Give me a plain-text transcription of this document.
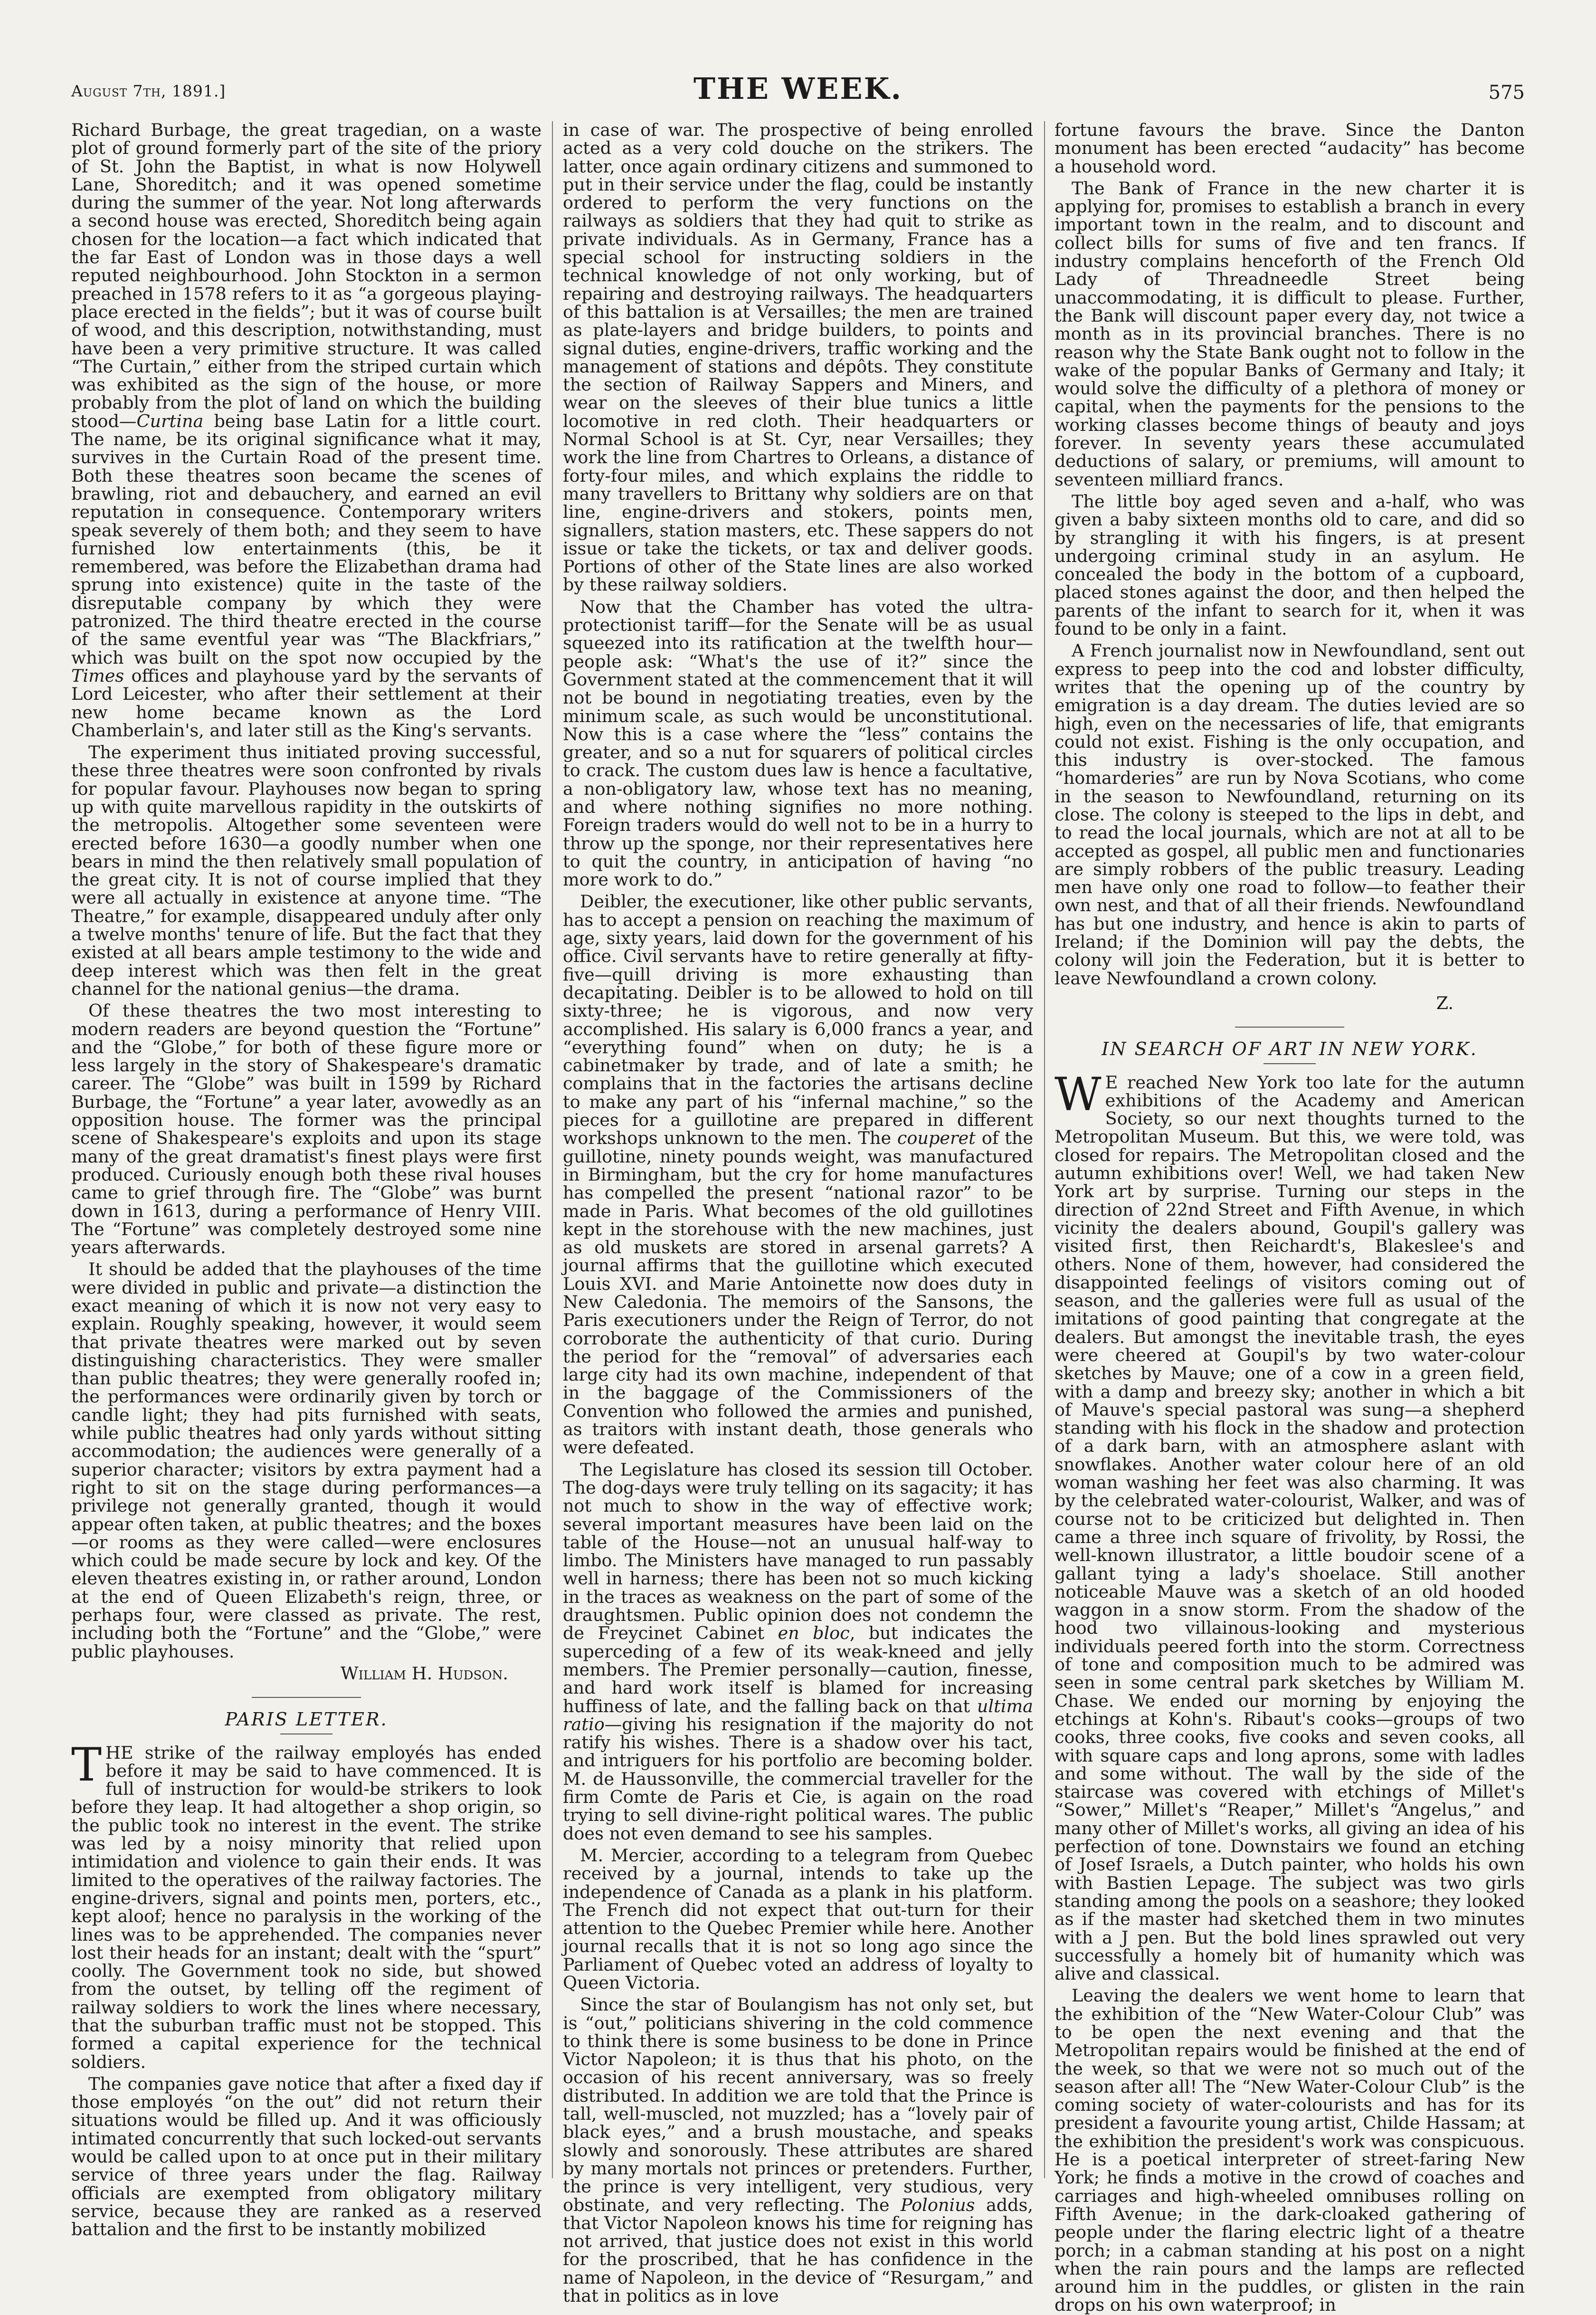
August 7th, 1891.]	THE WEEK.	575

Richard Burbage, the great tragedian, on a waste plot of ground formerly part of the site of the priory of St. John the Baptist, in what is now Holywell Lane, Shoreditch; and it was opened sometime during the summer of the year. Not long afterwards a second house was erected, Shoreditch being again chosen for the location—a fact which indicated that the far East of London was in those days a well reputed neighbourhood. John Stockton in a sermon preached in 1578 refers to it as “a gorgeous playing-place erected in the fields”; but it was of course built of wood, and this description, notwithstanding, must have been a very primitive structure. It was called “The Curtain,” either from the striped curtain which was exhibited as the sign of the house, or more probably from the plot of land on which the building stood—Curtina being base Latin for a little court. The name, be its original significance what it may, survives in the Curtain Road of the present time. Both these theatres soon became the scenes of brawling, riot and debauchery, and earned an evil reputation in consequence. Contemporary writers speak severely of them both; and they seem to have furnished low entertainments (this, be it remembered, was before the Elizabethan drama had sprung into existence) quite in the taste of the disreputable company by which they were patronized. The third theatre erected in the course of the same eventful year was “The Blackfriars,” which was built on the spot now occupied by the Times offices and playhouse yard by the servants of Lord Leicester, who after their settlement at their new home became known as the Lord Chamberlain's, and later still as the King's servants.

The experiment thus initiated proving successful, these three theatres were soon confronted by rivals for popular favour. Playhouses now began to spring up with quite marvellous rapidity in the outskirts of the metropolis. Altogether some seventeen were erected before 1630—a goodly number when one bears in mind the then relatively small population of the great city. It is not of course implied that they were all actually in existence at anyone time. “The Theatre,” for example, disappeared unduly after only a twelve months' tenure of life. But the fact that they existed at all bears ample testimony to the wide and deep interest which was then felt in the great channel for the national genius—the drama.

Of these theatres the two most interesting to modern readers are beyond question the “Fortune” and the “Globe,” for both of these figure more or less largely in the story of Shakespeare's dramatic career. The “Globe” was built in 1599 by Richard Burbage, the “Fortune” a year later, avowedly as an opposition house. The former was the principal scene of Shakespeare's exploits and upon its stage many of the great dramatist's finest plays were first produced. Curiously enough both these rival houses came to grief through fire. The “Globe” was burnt down in 1613, during a performance of Henry VIII. The “Fortune” was completely destroyed some nine years afterwards.

It should be added that the playhouses of the time were divided in public and private—a distinction the exact meaning of which it is now not very easy to explain. Roughly speaking, however, it would seem that private theatres were marked out by seven distinguishing characteristics. They were smaller than public theatres; they were generally roofed in; the performances were ordinarily given by torch or candle light; they had pits furnished with seats, while public theatres had only yards without sitting accommodation; the audiences were generally of a superior character; visitors by extra payment had a right to sit on the stage during performances—a privilege not generally granted, though it would appear often taken, at public theatres; and the boxes—or rooms as they were called—were enclosures which could be made secure by lock and key. Of the eleven theatres existing in, or rather around, London at the end of Queen Elizabeth's reign, three, or perhaps four, were classed as private. The rest, including both the “Fortune” and the “Globe,” were public playhouses.

William H. Hudson.
PARIS LETTER.

THE strike of the railway employés has ended before it may be said to have commenced. It is full of instruction for would-be strikers to look before they leap. It had altogether a shop origin, so the public took no interest in the event. The strike was led by a noisy minority that relied upon intimidation and violence to gain their ends. It was limited to the operatives of the railway factories. The engine-drivers, signal and points men, porters, etc., kept aloof; hence no paralysis in the working of the lines was to be apprehended. The companies never lost their heads for an instant; dealt with the “spurt” coolly. The Government took no side, but showed from the outset, by telling off the regiment of railway soldiers to work the lines where necessary, that the suburban traffic must not be stopped. This formed a capital experience for the technical soldiers.

The companies gave notice that after a fixed day if those employés “on the out” did not return their situations would be filled up. And it was officiously intimated concurrently that such locked-out servants would be called upon to at once put in their military service of three years under the flag. Railway officials are exempted from obligatory military service, because they are ranked as a reserved battalion and the first to be instantly mobilized

in case of war. The prospective of being enrolled acted as a very cold douche on the strikers. The latter, once again ordinary citizens and summoned to put in their service under the flag, could be instantly ordered to perform the very functions on the railways as soldiers that they had quit to strike as private individuals. As in Germany, France has a special school for instructing soldiers in the technical knowledge of not only working, but of repairing and destroying railways. The headquarters of this battalion is at Versailles; the men are trained as plate-layers and bridge builders, to points and signal duties, engine-drivers, traffic working and the management of stations and dépôts. They constitute the section of Railway Sappers and Miners, and wear on the sleeves of their blue tunics a little locomotive in red cloth. Their headquarters or Normal School is at St. Cyr, near Versailles; they work the line from Chartres to Orleans, a distance of forty-four miles, and which explains the riddle to many travellers to Brittany why soldiers are on that line, engine-drivers and stokers, points men, signallers, station masters, etc. These sappers do not issue or take the tickets, or tax and deliver goods. Portions of other of the State lines are also worked by these railway soldiers.

Now that the Chamber has voted the ultra-protectionist tariff—for the Senate will be as usual squeezed into its ratification at the twelfth hour—people ask: “What's the use of it?” since the Government stated at the commencement that it will not be bound in negotiating treaties, even by the minimum scale, as such would be unconstitutional. Now this is a case where the “less” contains the greater, and so a nut for squarers of political circles to crack. The custom dues law is hence a facultative, a non-obligatory law, whose text has no meaning, and where nothing signifies no more nothing. Foreign traders would do well not to be in a hurry to throw up the sponge, nor their representatives here to quit the country, in anticipation of having “no more work to do.”

Deibler, the executioner, like other public servants, has to accept a pension on reaching the maximum of age, sixty years, laid down for the government of his office. Civil servants have to retire generally at fifty-five—quill driving is more exhausting than decapitating. Deibler is to be allowed to hold on till sixty-three; he is vigorous, and now very accomplished. His salary is 6,000 francs a year, and “everything found” when on duty; he is a cabinetmaker by trade, and of late a smith; he complains that in the factories the artisans decline to make any part of his “infernal machine,” so the pieces for a guillotine are prepared in different workshops unknown to the men. The couperet of the guillotine, ninety pounds weight, was manufactured in Birmingham, but the cry for home manufactures has compelled the present “national razor” to be made in Paris. What becomes of the old guillotines kept in the storehouse with the new machines, just as old muskets are stored in arsenal garrets? A journal affirms that the guillotine which executed Louis XVI. and Marie Antoinette now does duty in New Caledonia. The memoirs of the Sansons, the Paris executioners under the Reign of Terror, do not corroborate the authenticity of that curio. During the period for the “removal” of adversaries each large city had its own machine, independent of that in the baggage of the Commissioners of the Convention who followed the armies and punished, as traitors with instant death, those generals who were defeated.

The Legislature has closed its session till October. The dog-days were truly telling on its sagacity; it has not much to show in the way of effective work; several important measures have been laid on the table of the House—not an unusual half-way to limbo. The Ministers have managed to run passably well in harness; there has been not so much kicking in the traces as weakness on the part of some of the draughtsmen. Public opinion does not condemn the de Freycinet Cabinet en bloc, but indicates the superceding of a few of its weak-kneed and jelly members. The Premier personally—caution, finesse, and hard work itself is blamed for increasing huffiness of late, and the falling back on that ultima ratio—giving his resignation if the majority do not ratify his wishes. There is a shadow over his tact, and intriguers for his portfolio are becoming bolder. M. de Haussonville, the commercial traveller for the firm Comte de Paris et Cie, is again on the road trying to sell divine-right political wares. The public does not even demand to see his samples.

M. Mercier, according to a telegram from Quebec received by a journal, intends to take up the independence of Canada as a plank in his platform. The French did not expect that out-turn for their attention to the Quebec Premier while here. Another journal recalls that it is not so long ago since the Parliament of Quebec voted an address of loyalty to Queen Victoria.

Since the star of Boulangism has not only set, but is “out,” politicians shivering in the cold commence to think there is some business to be done in Prince Victor Napoleon; it is thus that his photo, on the occasion of his recent anniversary, was so freely distributed. In addition we are told that the Prince is tall, well-muscled, not muzzled; has a “lovely pair of black eyes,” and a brush moustache, and speaks slowly and sonorously. These attributes are shared by many mortals not princes or pretenders. Further, the prince is very intelligent, very studious, very obstinate, and very reflecting. The Polonius adds, that Victor Napoleon knows his time for reigning has not arrived, that justice does not exist in this world for the proscribed, that he has confidence in the name of Napoleon, in the device of “Resurgam,” and that in politics as in love

fortune favours the brave. Since the Danton monument has been erected “audacity” has become a household word.

The Bank of France in the new charter it is applying for, promises to establish a branch in every important town in the realm, and to discount and collect bills for sums of five and ten francs. If industry complains henceforth of the French Old Lady of Threadneedle Street being unaccommodating, it is difficult to please. Further, the Bank will discount paper every day, not twice a month as in its provincial branches. There is no reason why the State Bank ought not to follow in the wake of the popular Banks of Germany and Italy; it would solve the difficulty of a plethora of money or capital, when the payments for the pensions to the working classes become things of beauty and joys forever. In seventy years these accumulated deductions of salary, or premiums, will amount to seventeen milliard francs.

The little boy aged seven and a-half, who was given a baby sixteen months old to care, and did so by strangling it with his fingers, is at present undergoing criminal study in an asylum. He concealed the body in the bottom of a cupboard, placed stones against the door, and then helped the parents of the infant to search for it, when it was found to be only in a faint.

A French journalist now in Newfoundland, sent out express to peep into the cod and lobster difficulty, writes that the opening up of the country by emigration is a day dream. The duties levied are so high, even on the necessaries of life, that emigrants could not exist. Fishing is the only occupation, and this industry is over-stocked. The famous “homarderies” are run by Nova Scotians, who come in the season to Newfoundland, returning on its close. The colony is steeped to the lips in debt, and to read the local journals, which are not at all to be accepted as gospel, all public men and functionaries are simply robbers of the public treasury. Leading men have only one road to follow—to feather their own nest, and that of all their friends. Newfoundland has but one industry, and hence is akin to parts of Ireland; if the Dominion will pay the debts, the colony will join the Federation, but it is better to leave Newfoundland a crown colony.

Z.
IN SEARCH OF ART IN NEW YORK.

W E reached New York too late for the autumn exhibitions of the Academy and American Society, so our next thoughts turned to the Metropolitan Museum. But this, we were told, was closed for repairs. The Metropolitan closed and the autumn exhibitions over! Well, we had taken New York art by surprise. Turning our steps in the direction of 22nd Street and Fifth Avenue, in which vicinity the dealers abound, Goupil's gallery was visited first, then Reichardt's, Blakeslee's and others. None of them, however, had considered the disappointed feelings of visitors coming out of season, and the galleries were full as usual of the imitations of good painting that congregate at the dealers. But amongst the inevitable trash, the eyes were cheered at Goupil's by two water-colour sketches by Mauve; one of a cow in a green field, with a damp and breezy sky; another in which a bit of Mauve's special pastoral was sung—a shepherd standing with his flock in the shadow and protection of a dark barn, with an atmosphere aslant with snowflakes. Another water colour here of an old woman washing her feet was also charming. It was by the celebrated water-colourist, Walker, and was of course not to be criticized but delighted in. Then came a three inch square of frivolity, by Rossi, the well-known illustrator, a little boudoir scene of a gallant tying a lady's shoelace. Still another noticeable Mauve was a sketch of an old hooded waggon in a snow storm. From the shadow of the hood two villainous-looking and mysterious individuals peered forth into the storm. Correctness of tone and composition much to be admired was seen in some central park sketches by William M. Chase. We ended our morning by enjoying the etchings at Kohn's. Ribaut's cooks—groups of two cooks, three cooks, five cooks and seven cooks, all with square caps and long aprons, some with ladles and some without. The wall by the side of the staircase was covered with etchings of Millet's “Sower,” Millet's “Reaper,” Millet's “Angelus,” and many other of Millet's works, all giving an idea of his perfection of tone. Downstairs we found an etching of Josef Israels, a Dutch painter, who holds his own with Bastien Lepage. The subject was two girls standing among the pools on a seashore; they looked as if the master had sketched them in two minutes with a J pen. But the bold lines sprawled out very successfully a homely bit of humanity which was alive and classical.

Leaving the dealers we went home to learn that the exhibition of the “New Water-Colour Club” was to be open the next evening and that the Metropolitan repairs would be finished at the end of the week, so that we were not so much out of the season after all! The “New Water-Colour Club” is the coming society of water-colourists and has for its president a favourite young artist, Childe Hassam; at the exhibition the president's work was conspicuous. He is a poetical interpreter of street-faring New York; he finds a motive in the crowd of coaches and carriages and high-wheeled omnibuses rolling on Fifth Avenue; in the dark-cloaked gathering of people under the flaring electric light of a theatre porch; in a cabman standing at his post on a night when the rain pours and the lamps are reflected around him in the puddles, or glisten in the rain drops on his own waterproof; in
